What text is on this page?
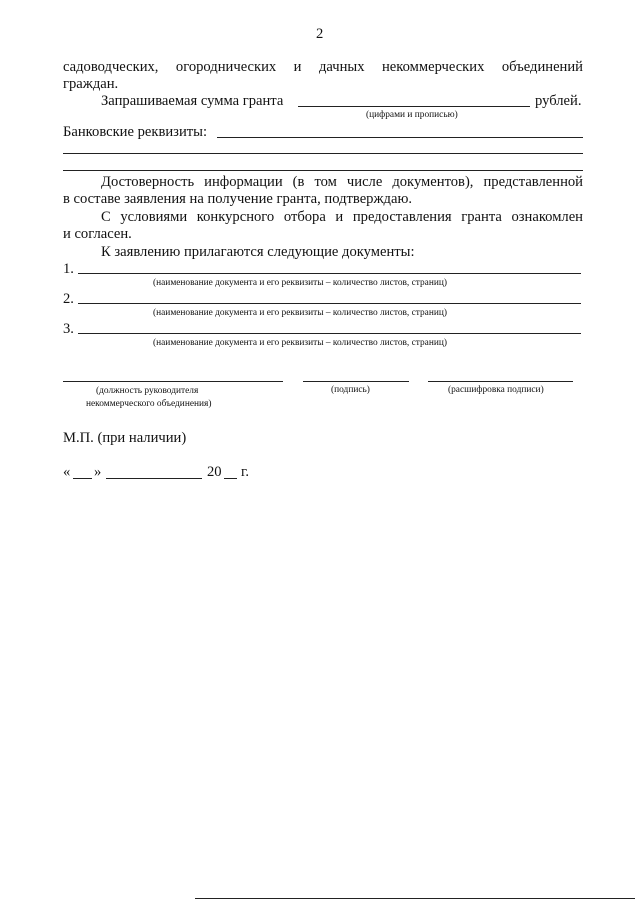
2
садоводческих, огороднических и дачных некоммерческих объединений
граждан.
Запрашиваемая сумма гранта	рублей.
(цифрами и прописью)
Банковские реквизиты:
Достоверность информации (в том числе документов), представленной
в составе заявления на получение гранта, подтверждаю.
С условиями конкурсного отбора и предоставления гранта ознакомлен
и согласен.
К заявлению прилагаются следующие документы:
1.
(наименование документа и его реквизиты – количество листов, страниц)
2.
(наименование документа и его реквизиты – количество листов, страниц)
3.
(наименование документа и его реквизиты – количество листов, страниц)
(должность руководителя
некоммерческого объединения)
(подпись)	(расшифровка подписи)
М.П. (при наличии)
« »	20 г.
